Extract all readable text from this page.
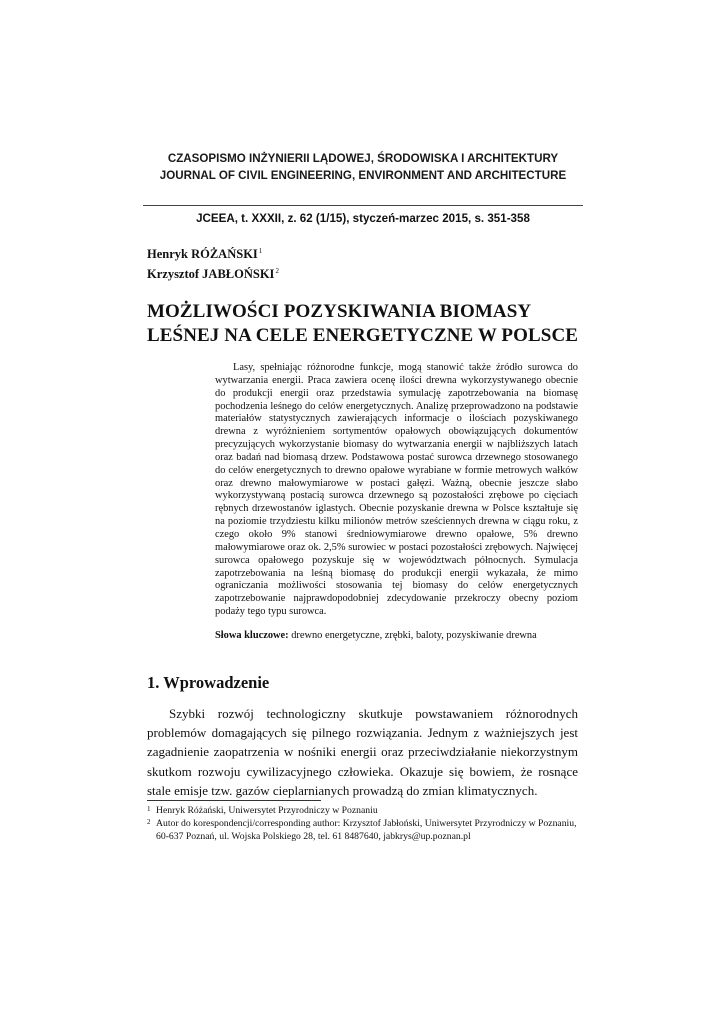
CZASOPISMO INŻYNIERII LĄDOWEJ, ŚRODOWISKA I ARCHITEKTURY
JOURNAL OF CIVIL ENGINEERING, ENVIRONMENT AND ARCHITECTURE
JCEEA, t. XXXII, z. 62 (1/15), styczeń-marzec 2015, s. 351-358
Henryk RÓŻAŃSKI$^1$
Krzysztof JABŁOŃSKI$^2$
MOŻLIWOŚCI POZYSKIWANIA BIOMASY
LEŚNEJ NA CELE ENERGETYCZNE W POLSCE
Lasy, spełniając różnorodne funkcje, mogą stanowić także źródło surowca do wytwarzania energii. Praca zawiera ocenę ilości drewna wykorzystywanego obecnie do produkcji energii oraz przedstawia symulację zapotrzebowania na biomasę pochodzenia leśnego do celów energetycznych. Analizę przeprowadzono na podstawie materiałów statystycznych zawierających informacje o ilościach pozyskiwanego drewna z wyróżnieniem sortymentów opałowych obowiązujących dokumentów precyzujących wykorzystanie biomasy do wytwarzania energii w najbliższych latach oraz badań nad biomasą drzew. Podstawowa postać surowca drzewnego stosowanego do celów energetycznych to drewno opałowe wyrabiane w formie metrowych wałków oraz drewno małowymiarowe w postaci gałęzi. Ważną, obecnie jeszcze słabo wykorzystywaną postacią surowca drzewnego są pozostałości zrębowe po cięciach rębnych drzewostanów iglastych. Obecnie pozyskanie drewna w Polsce kształtuje się na poziomie trzydziestu kilku milionów metrów sześciennych drewna w ciągu roku, z czego około 9% stanowi średniowymiarowe drewno opałowe, 5% drewno małowymiarowe oraz ok. 2,5% surowiec w postaci pozostałości zrębowych. Najwięcej surowca opałowego pozyskuje się w województwach północnych. Symulacja zapotrzebowania na leśną biomasę do produkcji energii wykazała, że mimo ograniczania możliwości stosowania tej biomasy do celów energetycznych zapotrzebowanie najprawdopodobniej zdecydowanie przekroczy obecny poziom podaży tego typu surowca.
Słowa kluczowe: drewno energetyczne, zrębki, baloty, pozyskiwanie drewna
1. Wprowadzenie
Szybki rozwój technologiczny skutkuje powstawaniem różnorodnych problemów domagających się pilnego rozwiązania. Jednym z ważniejszych jest zagadnienie zaopatrzenia w nośniki energii oraz przeciwdziałanie niekorzystnym skutkom rozwoju cywilizacyjnego człowieka. Okazuje się bowiem, że rosnące stale emisje tzw. gazów cieplarnianych prowadzą do zmian klimatycznych.
1 Henryk Różański, Uniwersytet Przyrodniczy w Poznaniu
2 Autor do korespondencji/corresponding author: Krzysztof Jabłoński, Uniwersytet Przyrodniczy w Poznaniu, 60-637 Poznań, ul. Wojska Polskiego 28, tel. 61 8487640, jabkrys@up.poznan.pl
